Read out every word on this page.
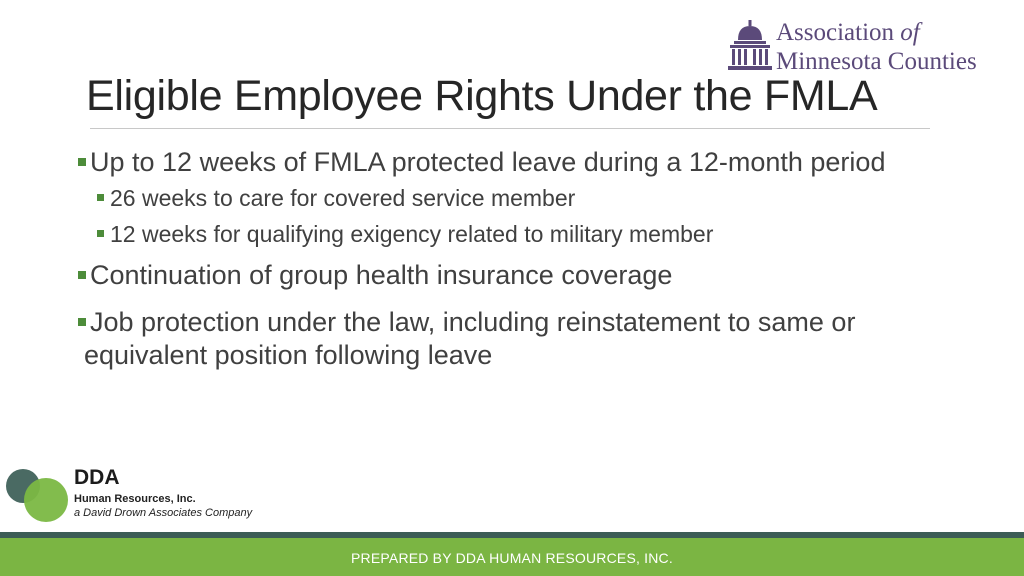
Association of
Minnesota Counties
Eligible Employee Rights Under the FMLA
Up to 12 weeks of FMLA protected leave during a 12-month period
26 weeks to care for covered service member
12 weeks for qualifying exigency related to military member
Continuation of group health insurance coverage
Job protection under the law, including reinstatement to same or
equivalent position following leave
DDA
Human Resources, Inc.
a David Drown Associates Company
PREPARED BY DDA HUMAN RESOURCES, INC.
